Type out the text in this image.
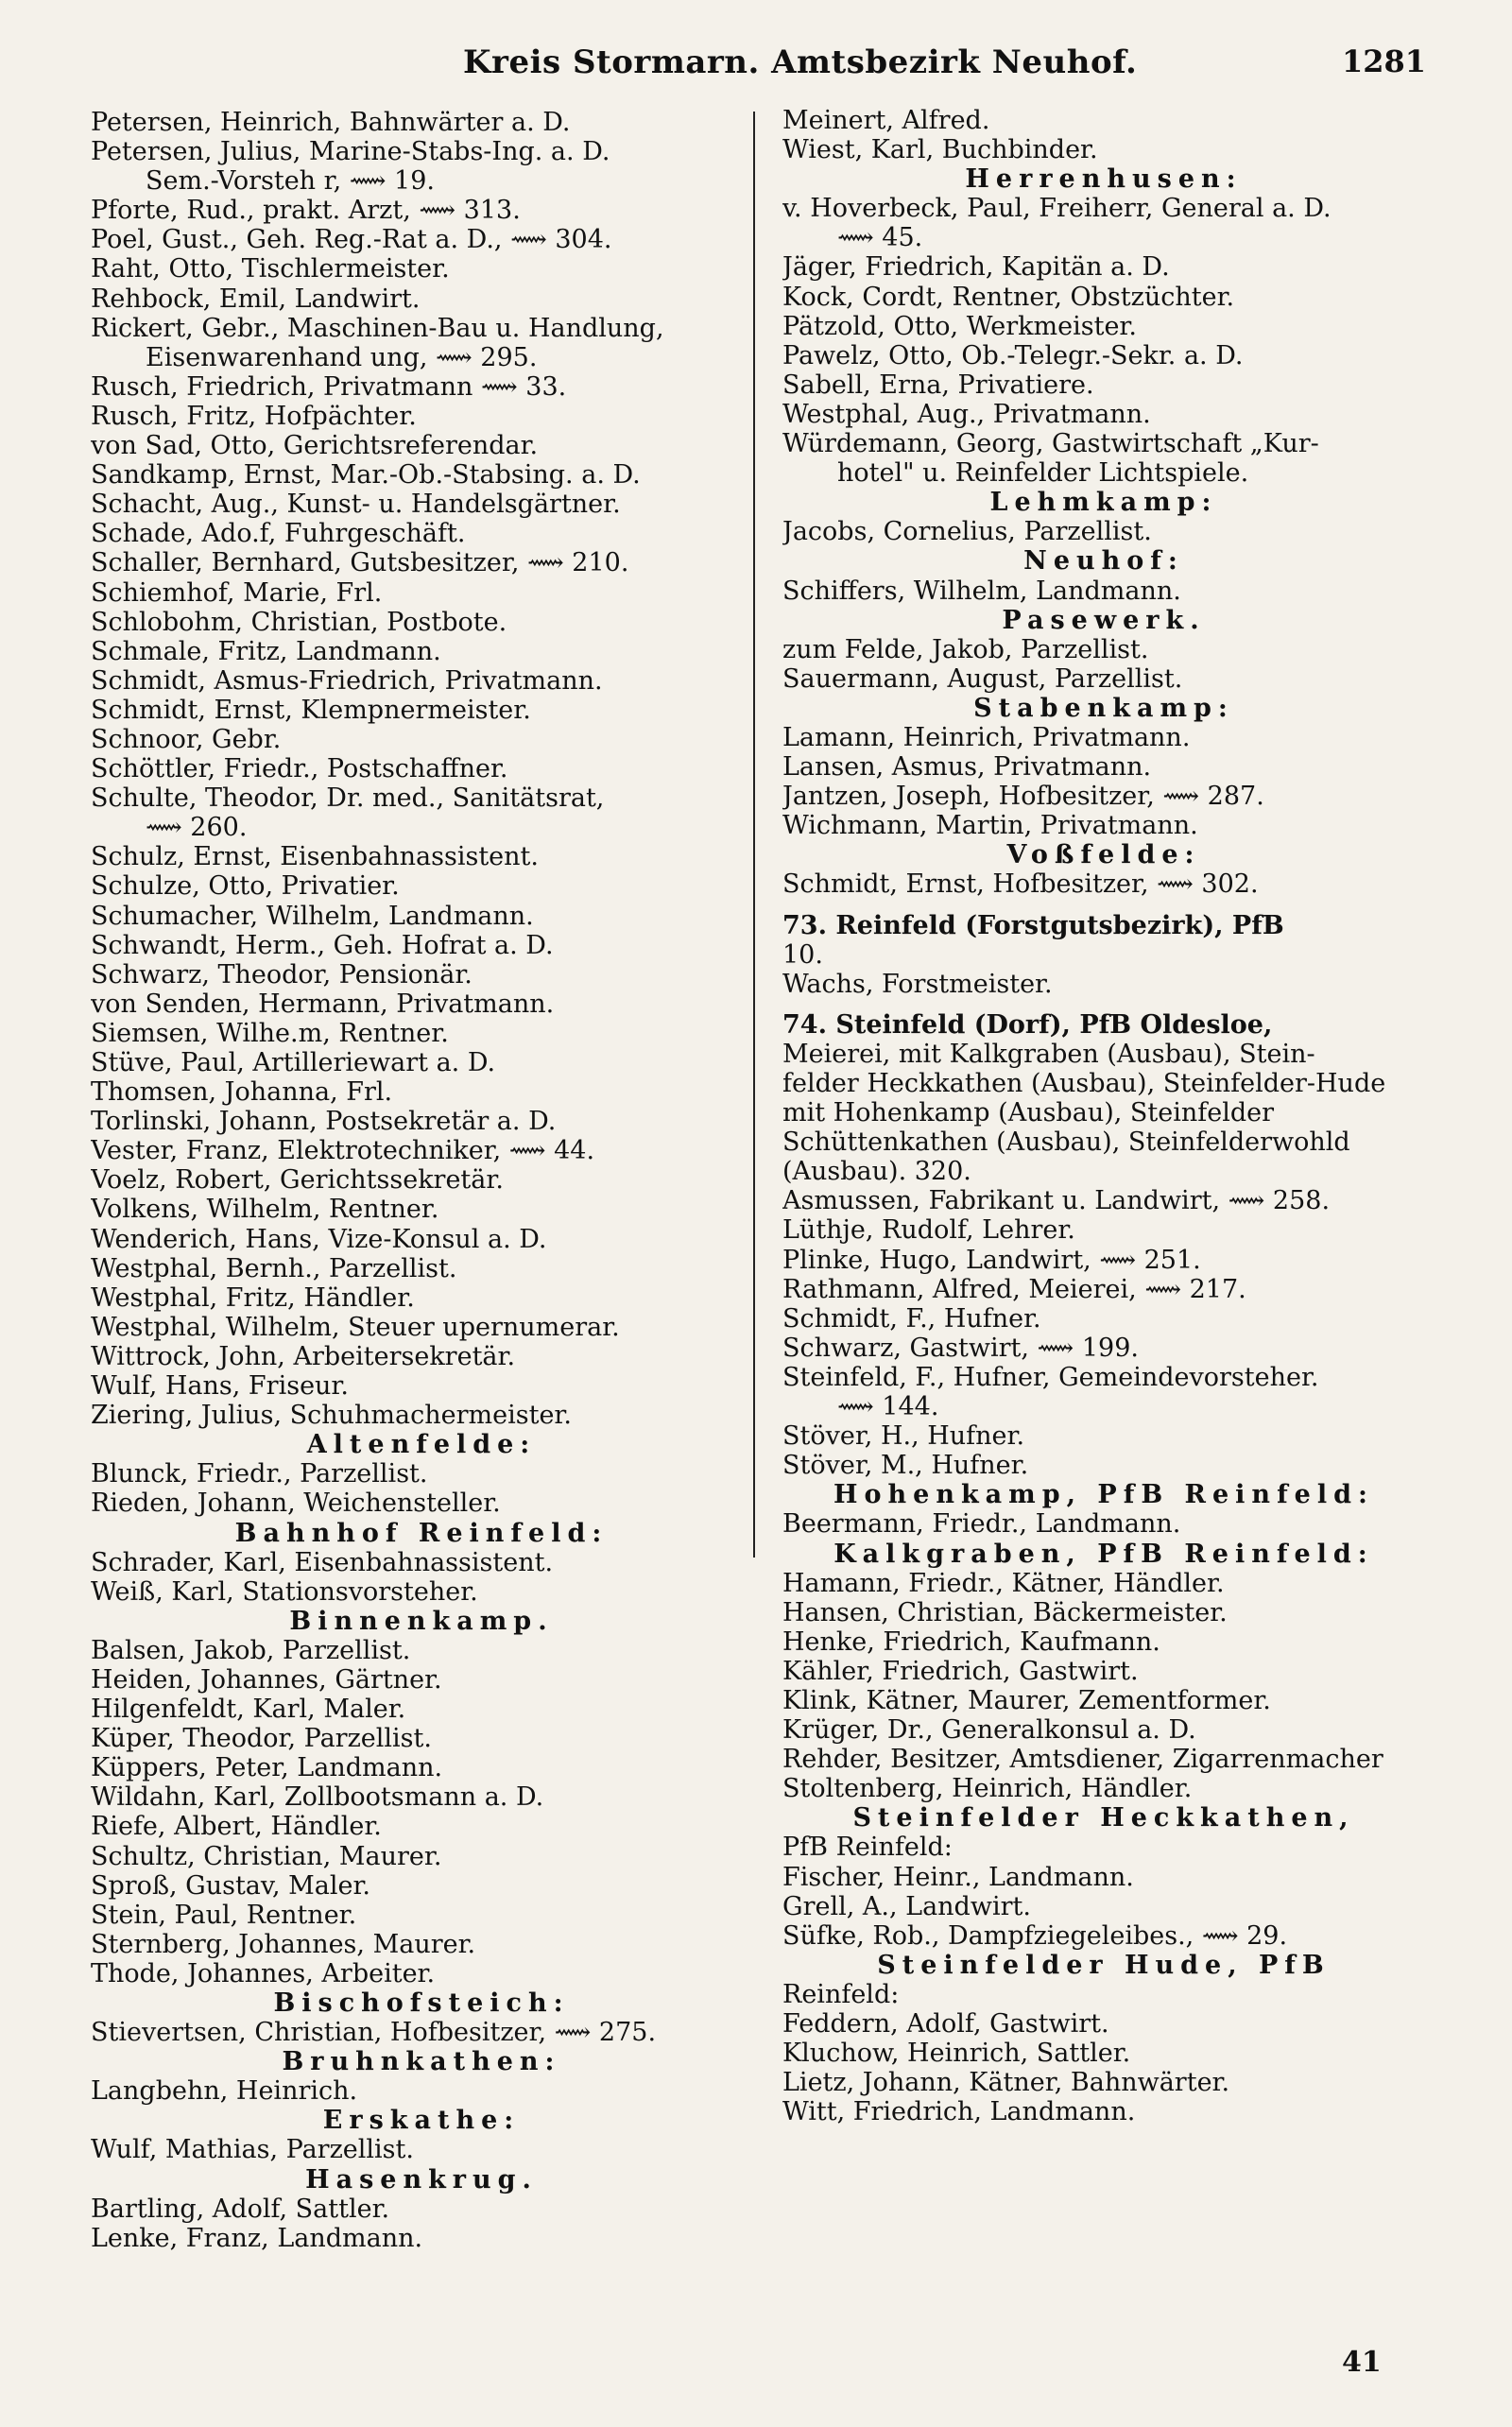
Kreis Stormarn. Amtsbezirk Neuhof.	1281
Petersen, Heinrich, Bahnwärter a. D.
Petersen, Julius, Marine-Stabs-Ing. a. D.
Sem.-Vorsteh r, ⟿ 19.
Pforte, Rud., prakt. Arzt, ⟿ 313.
Poel, Gust., Geh. Reg.-Rat a. D., ⟿ 304.
Raht, Otto, Tischlermeister.
Rehbock, Emil, Landwirt.
Rickert, Gebr., Maschinen-Bau u. Handlung,
Eisenwarenhand ung, ⟿ 295.
Rusch, Friedrich, Privatmann ⟿ 33.
Rusch, Fritz, Hofpächter.
von Sad, Otto, Gerichtsreferendar.
Sandkamp, Ernst, Mar.-Ob.-Stabsing. a. D.
Schacht, Aug., Kunst- u. Handelsgärtner.
Schade, Ado.f, Fuhrgeschäft.
Schaller, Bernhard, Gutsbesitzer, ⟿ 210.
Schiemhof, Marie, Frl.
Schlobohm, Christian, Postbote.
Schmale, Fritz, Landmann.
Schmidt, Asmus-Friedrich, Privatmann.
Schmidt, Ernst, Klempnermeister.
Schnoor, Gebr.
Schöttler, Friedr., Postschaffner.
Schulte, Theodor, Dr. med., Sanitätsrat,
⟿ 260.
Schulz, Ernst, Eisenbahnassistent.
Schulze, Otto, Privatier.
Schumacher, Wilhelm, Landmann.
Schwandt, Herm., Geh. Hofrat a. D.
Schwarz, Theodor, Pensionär.
von Senden, Hermann, Privatmann.
Siemsen, Wilhe.m, Rentner.
Stüve, Paul, Artilleriewart a. D.
Thomsen, Johanna, Frl.
Torlinski, Johann, Postsekretär a. D.
Vester, Franz, Elektrotechniker, ⟿ 44.
Voelz, Robert, Gerichtssekretär.
Volkens, Wilhelm, Rentner.
Wenderich, Hans, Vize-Konsul a. D.
Westphal, Bernh., Parzellist.
Westphal, Fritz, Händler.
Westphal, Wilhelm, Steuer upernumerar.
Wittrock, John, Arbeitersekretär.
Wulf, Hans, Friseur.
Ziering, Julius, Schuhmachermeister.
Altenfelde:
Blunck, Friedr., Parzellist.
Rieden, Johann, Weichensteller.
Bahnhof Reinfeld:
Schrader, Karl, Eisenbahnassistent.
Weiß, Karl, Stationsvorsteher.
Binnenkamp.
Balsen, Jakob, Parzellist.
Heiden, Johannes, Gärtner.
Hilgenfeldt, Karl, Maler.
Küper, Theodor, Parzellist.
Küppers, Peter, Landmann.
Wildahn, Karl, Zollbootsmann a. D.
Riefe, Albert, Händler.
Schultz, Christian, Maurer.
Sproß, Gustav, Maler.
Stein, Paul, Rentner.
Sternberg, Johannes, Maurer.
Thode, Johannes, Arbeiter.
Bischofsteich:
Stievertsen, Christian, Hofbesitzer, ⟿ 275.
Bruhnkathen:
Langbehn, Heinrich.
Erskathe:
Wulf, Mathias, Parzellist.
Hasenkrug.
Bartling, Adolf, Sattler.
Lenke, Franz, Landmann.
Meinert, Alfred.
Wiest, Karl, Buchbinder.
Herrenhusen:
v. Hoverbeck, Paul, Freiherr, General a. D.
⟿ 45.
Jäger, Friedrich, Kapitän a. D.
Kock, Cordt, Rentner, Obstzüchter.
Pätzold, Otto, Werkmeister.
Pawelz, Otto, Ob.-Telegr.-Sekr. a. D.
Sabell, Erna, Privatiere.
Westphal, Aug., Privatmann.
Würdemann, Georg, Gastwirtschaft „Kur-
hotel" u. Reinfelder Lichtspiele.
Lehmkamp:
Jacobs, Cornelius, Parzellist.
Neuhof:
Schiffers, Wilhelm, Landmann.
Pasewerk.
zum Felde, Jakob, Parzellist.
Sauermann, August, Parzellist.
Stabenkamp:
Lamann, Heinrich, Privatmann.
Lansen, Asmus, Privatmann.
Jantzen, Joseph, Hofbesitzer, ⟿ 287.
Wichmann, Martin, Privatmann.
Voßfelde:
Schmidt, Ernst, Hofbesitzer, ⟿ 302.
73. Reinfeld (Forstgutsbezirk), PfB
10.
Wachs, Forstmeister.
74. Steinfeld (Dorf), PfB Oldesloe,
Meierei, mit Kalkgraben (Ausbau), Stein-
felder Heckkathen (Ausbau), Steinfelder-Hude
mit Hohenkamp (Ausbau), Steinfelder
Schüttenkathen (Ausbau), Steinfelderwohld
(Ausbau). 320.
Asmussen, Fabrikant u. Landwirt, ⟿ 258.
Lüthje, Rudolf, Lehrer.
Plinke, Hugo, Landwirt, ⟿ 251.
Rathmann, Alfred, Meierei, ⟿ 217.
Schmidt, F., Hufner.
Schwarz, Gastwirt, ⟿ 199.
Steinfeld, F., Hufner, Gemeindevorsteher.
⟿ 144.
Stöver, H., Hufner.
Stöver, M., Hufner.
Hohenkamp, PfB Reinfeld:
Beermann, Friedr., Landmann.
Kalkgraben, PfB Reinfeld:
Hamann, Friedr., Kätner, Händler.
Hansen, Christian, Bäckermeister.
Henke, Friedrich, Kaufmann.
Kähler, Friedrich, Gastwirt.
Klink, Kätner, Maurer, Zementformer.
Krüger, Dr., Generalkonsul a. D.
Rehder, Besitzer, Amtsdiener, Zigarrenmacher
Stoltenberg, Heinrich, Händler.
Steinfelder Heckkathen,
PfB Reinfeld:
Fischer, Heinr., Landmann.
Grell, A., Landwirt.
Süfke, Rob., Dampfziegeleibes., ⟿ 29.
Steinfelder Hude, PfB
Reinfeld:
Feddern, Adolf, Gastwirt.
Kluchow, Heinrich, Sattler.
Lietz, Johann, Kätner, Bahnwärter.
Witt, Friedrich, Landmann.
41
